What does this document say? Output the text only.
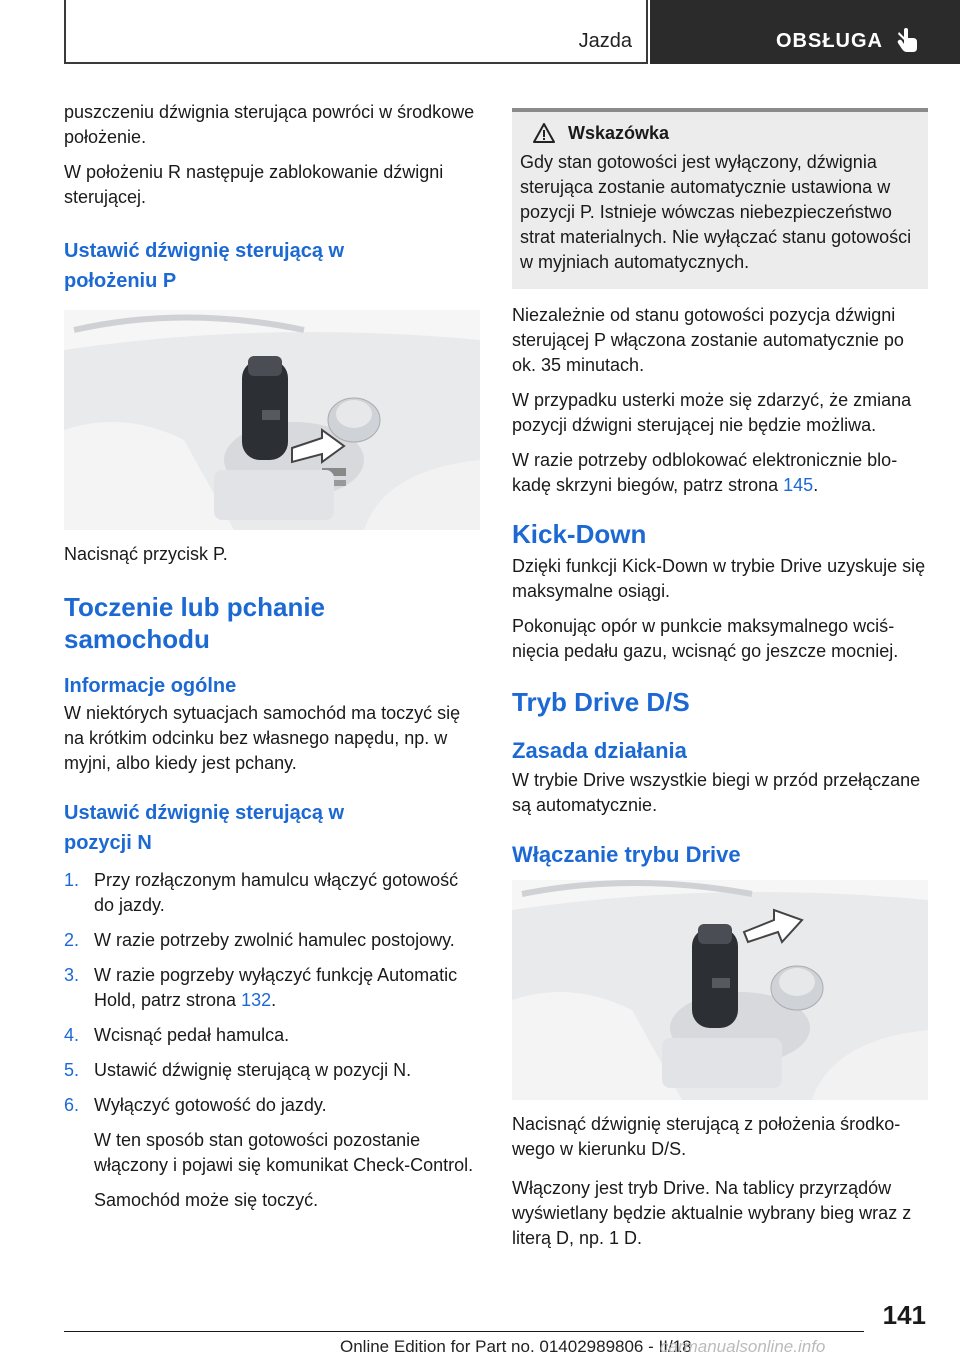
Jazda	OBSŁUGA

puszczeniu dźwignia sterująca powróci w środkowe położenie.

W położeniu R następuje zablokowanie dźwigni sterującej.

Ustawić dźwignię sterującą w położeniu P

Nacisnąć przycisk P.

Toczenie lub pchanie samochodu
Informacje ogólne

W niektórych sytuacjach samochód ma toczyć się na krótkim odcinku bez własnego napędu, np. w myjni, albo kiedy jest pchany.

Ustawić dźwignię sterującą w pozycji N
1. Przy rozłączonym hamulcu włączyć gotowość do jazdy.
2. W razie potrzeby zwolnić hamulec postojowy.
3. W razie pogrzeby wyłączyć funkcję Automatic Hold, patrz strona 132.
4. Wcisnąć pedał hamulca.
5. Ustawić dźwignię sterującą w pozycji N.
6. Wyłączyć gotowość do jazdy.
W ten sposób stan gotowości pozostanie włączony i pojawi się komunikat Check-Control.
Samochód może się toczyć.
Wskazówka

Gdy stan gotowości jest wyłączony, dźwignia sterująca zostanie automatycznie ustawiona w pozycji P. Istnieje wówczas niebezpieczeństwo strat materialnych. Nie wyłączać stanu gotowości w myjniach automatycznych.

Niezależnie od stanu gotowości pozycja dźwigni sterującej P włączona zostanie automatycznie po ok. 35 minutach.

W przypadku usterki może się zdarzyć, że zmiana pozycji dźwigni sterującej nie będzie możliwa.

W razie potrzeby odblokować elektronicznie blokadę skrzyni biegów, patrz strona 145.

Kick-Down

Dzięki funkcji Kick-Down w trybie Drive uzyskuje się maksymalne osiągi.

Pokonując opór w punkcie maksymalnego wciśnięcia pedału gazu, wcisnąć go jeszcze mocniej.

Tryb Drive D/S
Zasada działania

W trybie Drive wszystkie biegi w przód przełączane są automatycznie.

Włączanie trybu Drive

Nacisnąć dźwignię sterującą z położenia środkowego w kierunku D/S.

Włączony jest tryb Drive. Na tablicy przyrządów wyświetlany będzie aktualnie wybrany bieg wraz z literą D, np. 1 D.

141
Online Edition for Part no. 01402989806 - II/18
carmanualsonline.info
